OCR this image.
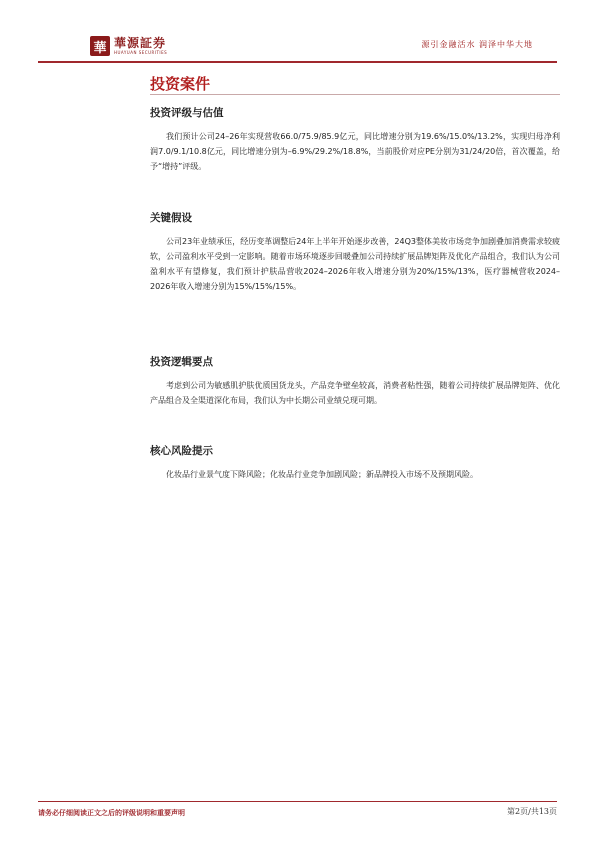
華 華源証券
HUAYUAN SECURITIES
源引金融活水 润泽中华大地
投资案件
投资评级与估值

我们预计公司24–26年实现营收66.0/75.9/85.9亿元，同比增速分别为19.6%/15.0%/13.2%，实现归母净利润7.0/9.1/10.8亿元，同比增速分别为–6.9%/29.2%/18.8%，当前股价对应PE分别为31/24/20倍，首次覆盖，给予“增持”评级。

关键假设

公司23年业绩承压，经历变革调整后24年上半年开始逐步改善，24Q3整体美妆市场竞争加剧叠加消费需求较疲软，公司盈利水平受到一定影响。随着市场环境逐步回暖叠加公司持续扩展品牌矩阵及优化产品组合，我们认为公司盈利水平有望修复，我们预计护肤品营收2024–2026年收入增速分别为20%/15%/13%，医疗器械营收2024–2026年收入增速分别为15%/15%/15%。

投资逻辑要点

考虑到公司为敏感肌护肤优质国货龙头，产品竞争壁垒较高，消费者粘性强，随着公司持续扩展品牌矩阵、优化产品组合及全渠道深化布局，我们认为中长期公司业绩兑现可期。

核心风险提示

化妆品行业景气度下降风险；化妆品行业竞争加剧风险；新品牌投入市场不及预期风险。

请务必仔细阅读正文之后的评级说明和重要声明	第2页/共13页
